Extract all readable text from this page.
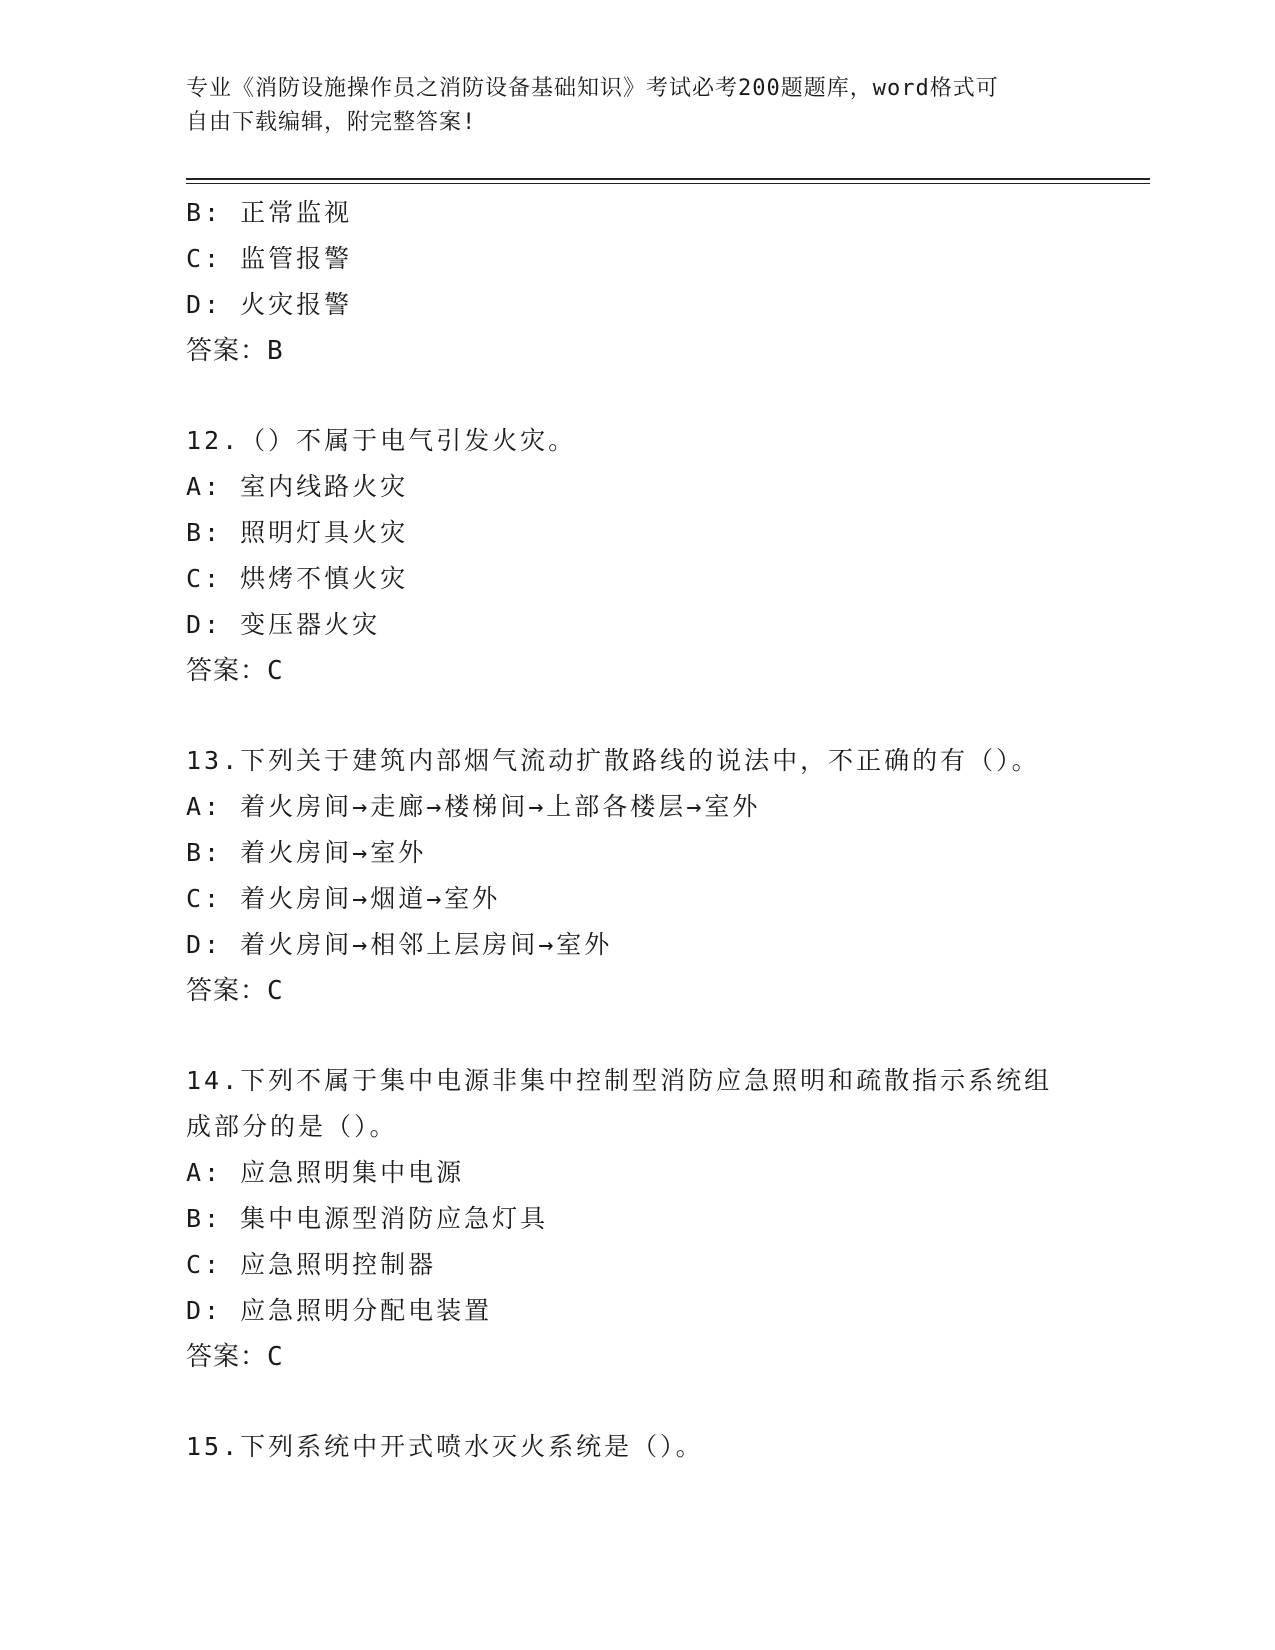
专业《消防设施操作员之消防设备基础知识》考试必考200题题库，word格式可
自由下载编辑，附完整答案!
B: 正常监视
C: 监管报警
D: 火灾报警
答案：B
12.（）不属于电气引发火灾。
A: 室内线路火灾
B: 照明灯具火灾
C: 烘烤不慎火灾
D: 变压器火灾
答案：C
13.下列关于建筑内部烟气流动扩散路线的说法中，不正确的有（）。
A: 着火房间→走廊→楼梯间→上部各楼层→室外
B: 着火房间→室外
C: 着火房间→烟道→室外
D: 着火房间→相邻上层房间→室外
答案：C
14.下列不属于集中电源非集中控制型消防应急照明和疏散指示系统组
成部分的是（）。
A: 应急照明集中电源
B: 集中电源型消防应急灯具
C: 应急照明控制器
D: 应急照明分配电装置
答案：C
15.下列系统中开式喷水灭火系统是（）。
